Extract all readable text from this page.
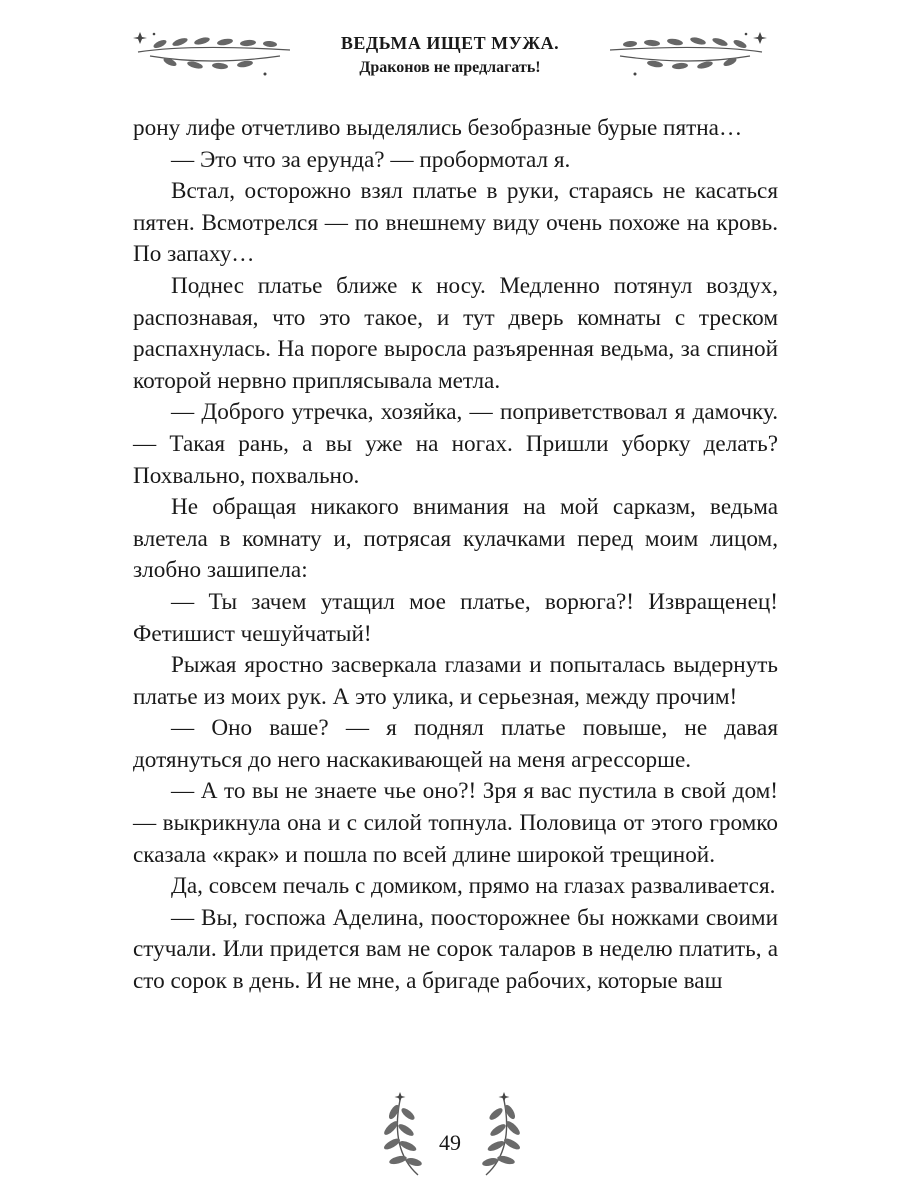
ВЕДЬМА ИЩЕТ МУЖА.
Драконов не предлагать!

рону лифе отчетливо выделялись безобразные бурые пятна…

— Это что за ерунда? — пробормотал я.

Встал, осторожно взял платье в руки, стараясь не касаться пятен. Всмотрелся — по внешнему виду очень похоже на кровь. По запаху…

Поднес платье ближе к носу. Медленно потянул воздух, распознавая, что это такое, и тут дверь комнаты с треском распахнулась. На пороге выросла разъяренная ведьма, за спиной которой нервно приплясывала метла.

— Доброго утречка, хозяйка, — поприветствовал я дамочку. — Такая рань, а вы уже на ногах. Пришли уборку делать? Похвально, похвально.

Не обращая никакого внимания на мой сарказм, ведьма влетела в комнату и, потрясая кулачками перед моим лицом, злобно зашипела:

— Ты зачем утащил мое платье, ворюга?! Извращенец! Фетишист чешуйчатый!

Рыжая яростно засверкала глазами и попыталась выдернуть платье из моих рук. А это улика, и серьезная, между прочим!

— Оно ваше? — я поднял платье повыше, не давая дотянуться до него наскакивающей на меня агрессорше.

— А то вы не знаете чье оно?! Зря я вас пустила в свой дом! — выкрикнула она и с силой топнула. Половица от этого громко сказала «крак» и пошла по всей длине широкой трещиной.

Да, совсем печаль с домиком, прямо на глазах разваливается.

— Вы, госпожа Аделина, поосторожнее бы ножками своими стучали. Или придется вам не сорок таларов в неделю платить, а сто сорок в день. И не мне, а бригаде рабочих, которые ваш

49
